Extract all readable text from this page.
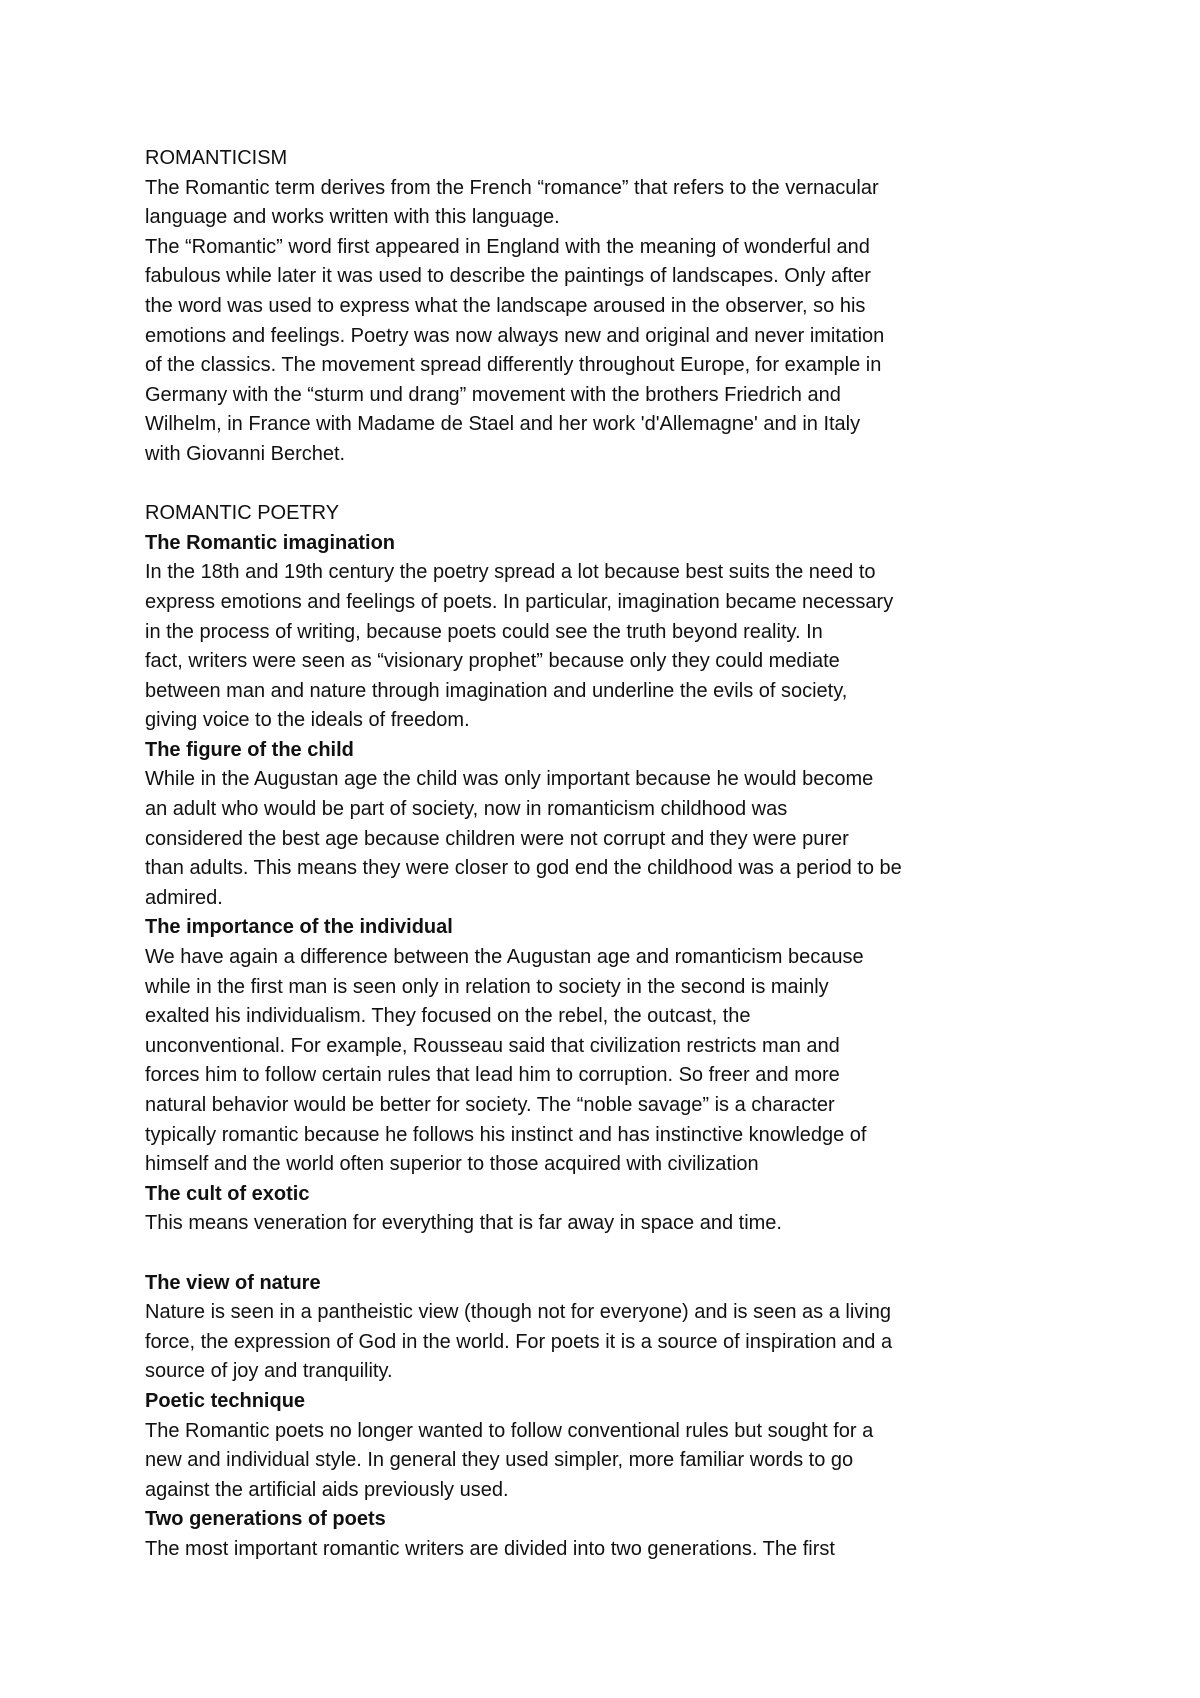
ROMANTICISM
The Romantic term derives from the French “romance” that refers to the vernacular
language and works written with this language.
The “Romantic” word first appeared in England with the meaning of wonderful and
fabulous while later it was used to describe the paintings of landscapes. Only after
the word was used to express what the landscape aroused in the observer, so his
emotions and feelings. Poetry was now always new and original and never imitation
of the classics. The movement spread differently throughout Europe, for example in
Germany with the “sturm und drang” movement with the brothers Friedrich and
Wilhelm, in France with Madame de Stael and her work 'd'Allemagne' and in Italy
with Giovanni Berchet.
ROMANTIC POETRY
The Romantic imagination
In the 18th and 19th century the poetry spread a lot because best suits the need to
express emotions and feelings of poets. In particular, imagination became necessary
in the process of writing, because poets could see the truth beyond reality. In
fact, writers were seen as “visionary prophet” because only they could mediate
between man and nature through imagination and underline the evils of society,
giving voice to the ideals of freedom.
The figure of the child
While in the Augustan age the child was only important because he would become
an adult who would be part of society, now in romanticism childhood was
considered the best age because children were not corrupt and they were purer
than adults. This means they were closer to god end the childhood was a period to be
admired.
The importance of the individual
We have again a difference between the Augustan age and romanticism because
while in the first man is seen only in relation to society in the second is mainly
exalted his individualism. They focused on the rebel, the outcast, the
unconventional. For example, Rousseau said that civilization restricts man and
forces him to follow certain rules that lead him to corruption. So freer and more
natural behavior would be better for society. The “noble savage” is a character
typically romantic because he follows his instinct and has instinctive knowledge of
himself and the world often superior to those acquired with civilization
The cult of exotic
This means veneration for everything that is far away in space and time.
The view of nature
Nature is seen in a pantheistic view (though not for everyone) and is seen as a living
force, the expression of God in the world. For poets it is a source of inspiration and a
source of joy and tranquility.
Poetic technique
The Romantic poets no longer wanted to follow conventional rules but sought for a
new and individual style. In general they used simpler, more familiar words to go
against the artificial aids previously used.
Two generations of poets
The most important romantic writers are divided into two generations. The first
